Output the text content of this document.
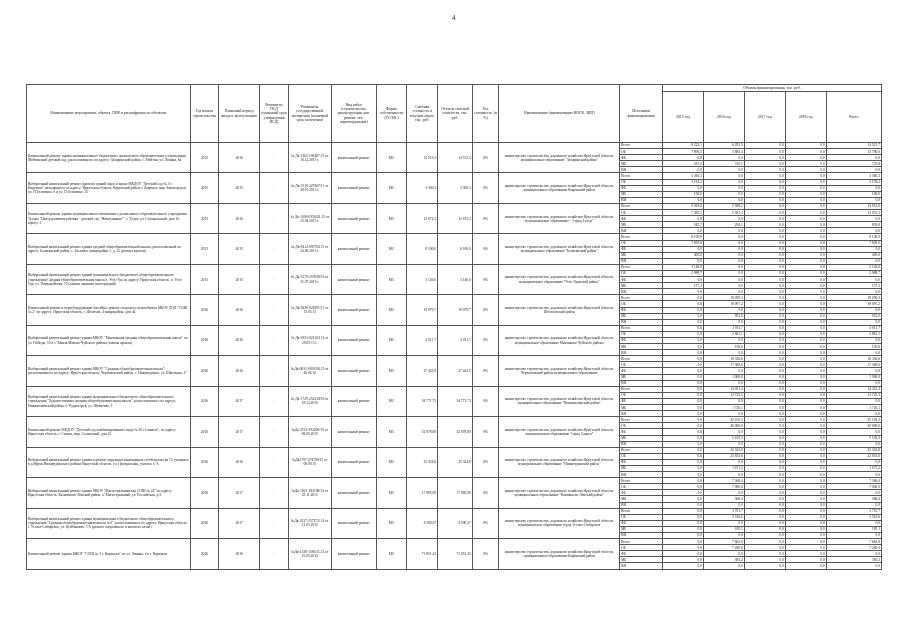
4
Наименование мероприятия, объекта, ПИР и расшифровка по объектам	Год начала строительства	Плановый период ввода в эксплуатацию	Реквизиты ПСД (плановый срок утверждения ПСД)	Реквизиты государственной экспертизы (плановый срок получения)	Вид работ (строительство, реконструкция, кап. ремонт, тех. перевооружение)	Форма собственности (ГС/МС)	Сметная стоимость в текущих ценах, тыс. руб.	Остаток сметной стоимости, тыс. руб.	Тех. готовность, (в %)	Наименование (наименование ИОГВ, ЗИП)	Источники финансирования	Объемы финансирования, тыс. руб.				
												2015 год	2016 год	2017 год	2018 год	Всего
Капитальный ремонт здания муниципального бюджетного дошкольного образовательного учреждения Мейтинский детский сад, расположенного по адресу: Заларинский район, с. Мейтин, ул. Ленина, 6а	2015	2016	-	№ Дк-1362-106287 15 от 16.12.2015 г.	капитальный ремонт	МС	14 515,3	14 515,3	0%	министерство строительства, дорожного хозяйства Иркутской области, муниципальное образование "Заларинский район"	Всего	8 223,1	6 292,5	0,0	0,0	14 515,7
											ОБ	7 896,5	5 883,4	0,0	0,0	13 780,0
											ФБ	0,0	0,0	0,0	0,0	0,0
											МБ	415,3	310,5	0,0	0,0	725,8
											ВИ	0,0	0,0	0,0	0,0	0,0
Выборочный капитальный ремонт (кровли) зданий школ и крыш МКДОУ "Детский сад № 3 г. Киренска" находящихся по адресу: Иркутская область, Киренский район, г. Киренск, мкр Авиагородок, ул. П.Осипенко, 6 и ул. П.Осипенко, 15	2015	2015	-	№ Дк-1316-227667/11 от 29.01.2015 г.	капитальный ремонт	МС	3 360,3	3 360,3	0%	министерство строительства, дорожного хозяйства Иркутской области, муниципальное образование Киренский район	Всего	3 360,3	0,0	0,0	0,0	3 360,3
											ОБ	3 192,2	0,0	0,0	0,0	3 192,2
											ФБ	0,0	0,0	0,0	0,0	0,0
											МБ	168,0	0,0	0,0	0,0	168,0
											ВИ	0,0	0,0	0,0	0,0	0,0
Капитальный ремонт здания муниципального автономного дошкольного образовательного учреждения Тулуна "Центр развития ребенка - детский сад "Жемчужинка"", г. Тулун, ул. Стахановский, дом 16, корпус 3	2015	2016	-	№ Дк-1036-0356/02.15 от 23.04.2015 г.	капитальный ремонт	МС	12 672,3	12 672,3	0%	министерство строительства, дорожного хозяйства Иркутской области, муниципальное образование - "город Тулун"	Всего	9 028,0	5 588,2	0,0	0,0	14 912,0
											ОБ	7 485,1	5 587,3	0,0	0,0	13 072,3
											ФБ	0,0	0,0	0,0	0,0	0,0
											МБ	545,7	294,1	0,0	0,0	839,8
											ВИ	0,0	0,0	0,0	0,0	0,0
Выборочный капитальный ремонт здания средней общеобразовательной школы, расположенной по адресу: Балаганский район, с. Заславск, микрорайон 1, д. 12 (ремонт кровли)	2015	2015	-	№ Дк-0412-093704 15 от 24.06.2015 г.	капитальный ремонт	МС	8 100,0	8 100,0	0%	министерство строительства, дорожного хозяйства Иркутской области, муниципальное образование "Балаганский район"	Всего	8 100,0	0,0	0,0	0,0	8 100,0
											ОБ	7 695,0	0,0	0,0	0,0	7 695,0
											ФБ	0,0	0,0	0,0	0,0	0,0
											МБ	405,0	0,0	0,0	0,0	405,0
											ВИ	0,0	0,0	0,0	0,0	0,0
Выборочный капитальный ремонт зданий муниципального бюджетного общеобразовательного учреждения Средняя общеобразовательная школа п. Усть-Уда по адресу: Иркутская область, п. Усть-Уда, ул. Первомайская, 15 (замена оконных конструкций)	2015	2015	-	№ Дк-1270-237049/13 от 31.07.2015 г.	капитальный ремонт	МС	3 146,0	3 146,0	0%	министерство строительства, дорожного хозяйства Иркутской области, муниципальное образование "Усть-Удинский район"	Всего	3 146,0	0,0	0,0	0,0	3 146,0
											ОБ	2 988,7	0,0	0,0	0,0	2 988,7
											ФБ	0,0	0,0	0,0	0,0	0,0
											МБ	157,3	0,0	0,0	0,0	157,3
											ВИ	0,0	0,0	0,0	0,0	0,0
Капитальный ремонт и переоборудование бассейна, ремонт спортзала спортобъекта МБОУ ДОД "СОШ № 2" по адресу: Иркутская область, г. Шелехов, 4 микрорайон, дом 44	2016	2016	-	№ Дк-0236-022091/11 от 13.05.15	капитальный ремонт	МС	19 079,7	19 079,7	0%	министерство строительства, дорожного хозяйства Иркутской области, Шелеховский район	Всего	0,0	19 059,3	0,0	0,0	19 059,3
											ОБ	0,0	18 097,2	0,0	0,0	18 097,2
											ФБ	0,0	0,0	0,0	0,0	0,0
											МБ	0,0	952,0	0,0	0,0	952,0
											ВИ	0,0	0,0	0,0	0,0	0,0
Выборочный капитальный ремонт здания МКОУ "Манзинская средняя общеобразовательная школа" по ул. Победы, 10 в с. Манзя Манско-Чуйского района (замена кровли)	2016	2016	-	№ Дк-0151-021104 12 от 29.05.15 г.	капитальный ремонт	МС	3 011,7	3 011,7	0%	министерство строительства, дорожного хозяйства Иркутской области, муниципальное образование Манзинско-Чуйского района	Всего	0,0	3 011,7	0,0	0,0	3 011,7
											ОБ	0,0	2 861,1	0,0	0,0	2 861,1
											ФБ	0,0	0,0	0,0	0,0	0,0
											МБ	0,0	150,6	0,0	0,0	150,6
											ВИ	0,0	0,0	0,0	0,0	0,0
Выборочный капитальный ремонт здания МКОУ "Средняя общеобразовательная школа", расположенного по адресу: Иркутская область, Черемховский район, с. Нижнеудинск, ул. Школьная, 3"	2016	2016	-	№Дк-0031-0091/06.15 от 26.04.16	капитальный ремонт	МС	27 443,9	27 443,9	0%	министерство строительства, дорожного хозяйства Иркутской области, Черемховский район муниципальное образование	Всего	0,0	18 336,6	0,0	0,0	18 336,6
											ОБ	0,0	17 389,6	0,0	0,0	17 389,6
											ФБ	0,0	0,0	0,0	0,0	0,0
											МБ	0,0	1 000,0	0,0	0,0	1 000,0
											ВИ	0,0	0,0	0,0	0,0	0,0
Выборочный капитальный ремонт здания муниципального бюджетного общеобразовательного учреждения "Художественная средняя общеобразовательная школа", расположенного по адресу: Нижнеилимский район, п. Рудногорск, ул. Шевченко, 1	2016	2017	-	№ Дк-1729-232418/10 от 18.12.2015	капитальный ремонт	МС	34 771,73	34 771,73	0%	министерство строительства, дорожного хозяйства Иркутской области, муниципальное образование "Нижнеилимский район"	Всего	0,0	14 451,4	0,0	0,0	14 451,4
											ОБ	0,0	12 725,5	0,0	0,0	12 725,5
											ФБ	0,0	0,0	0,0	0,0	0,0
											МБ	0,0	1 726,1	0,0	0,0	1 726,1
											ВИ	0,0	0,0	0,0	0,0	0,0
Капитальный ремонт МКДОУ "Детский сад комбинированного вида № 30 г.Саянска", по адресу: Иркутская область, г. Саянск, мкр. Солнечный, дом 22	2016	2017	-	№Дк 2512-192200/15 от 08.05.2015	капитальный ремонт	МС	52 078,00	52 078,00	0%	министерство строительства, дорожного хозяйства Иркутской области, муниципальное образование "город Саянск"	Всего	0,0	45 105,3	0,0	0,0	45 105,3
											ОБ	0,0	40 000,0	0,0	0,0	40 000,0
											ФБ	0,0	0,0	0,0	0,0	0,0
											МБ	0,0	5 105,3	0,0	0,0	5 105,3
											ВИ	0,0	0,0	0,0	0,0	0,0
Выборочный капитальный ремонт здания и ремонт наружных инженерных сетей школы на 72 учащихся в д.Верхн.Нижнеудинского района Иркутской области, ул. Центральная, участок 3/ А	2016	2016	-	№Дк1797-274708/15 от 08.09.15	капитальный ремонт	МС	25 324,8	25 324,8	0%	министерство строительства, дорожного хозяйства Иркутской области, муниципальное образование "Нижнеудинский район"	Всего	0,0	25 324,8	0,0	0,0	25 324,8
											ОБ	0,0	23 653,6	0,0	0,0	23 653,6
											ФБ	0,0	0,0	0,0	0,0	0,0
											МБ	0,0	1 671,2	0,0	0,0	1 671,2
											ВИ	0,0	0,0	0,0	0,0	0,0
Выборочный капитальный ремонт здания МБОУ "Магистральнинская СОШ № 22" по адресу: Иркутская область, Казачинско-Ленский район, п. Магистральный, ул. Российская, д.4	2016	2017	-	№Дк-1821-283108/14 от 25.11.2015	капитальный ремонт	МС	17 985,99	17 985,99	0%	министерство строительства, дорожного хозяйства Иркутской области, муниципальное образование "Казачинско-Ленский район"	Всего	0,0	7 368,4	0,0	0,0	7 368,4
											ОБ	0,0	7 000,0	0,0	0,0	7 000,0
											ФБ	0,0	0,0	0,0	0,0	0,0
											МБ	0,0	368,4	0,0	0,0	368,4
											ВИ	0,0	0,0	0,0	0,0	0,0
Выборочный капитальный ремонт здания муниципального бюджетного общеобразовательного учреждения "Средняя общеобразовательная школа №3", расположенного по адресу: Иркутская область, г. Усолье-Сибирское, ул. Куйбышева, 7/А (ремонт спортивного и актового залов)	2016	2017	-	№Дк-2337-237372/ 14 от 12.03.2015	капитальный ремонт	МС	4 590,37	4 590,37	0%	министерство строительства, дорожного хозяйства Иркутской области, муниципальное образование город Усолье-Сибирское	Всего	0,0	3 701,7	0,0	0,0	3 701,7
											ОБ	0,0	3 516,6	0,0	0,0	3 516,6
											ФБ	0,0	0,0	0,0	0,0	0,0
											МБ	0,0	185,1	0,0	0,0	185,1
											ВИ	0,0	0,0	0,0	0,0	0,0
Капитальный ремонт здания МКОУ "СОШ № 3 г. Киренска" по ул. Ленина, 4 в г. Киренске	2016	2016	-	№Дк-1338-1566/11.13 от 25.05.2014	капитальный ремонт	МС	71 851,43	71 851,43	0%	министерство строительства, дорожного хозяйства Иркутской области, муниципальное образование Киренский район	Всего	0,0	7 663,8	0,0	0,0	7 663,8
											ОБ	0,0	7 280,6	0,0	0,0	7 280,6
											ФБ	0,0	0,0	0,0	0,0	0,0
											МБ	0,0	383,2	0,0	0,0	383,2
											ВИ	0,0	0,0	0,0	0,0	0,0
